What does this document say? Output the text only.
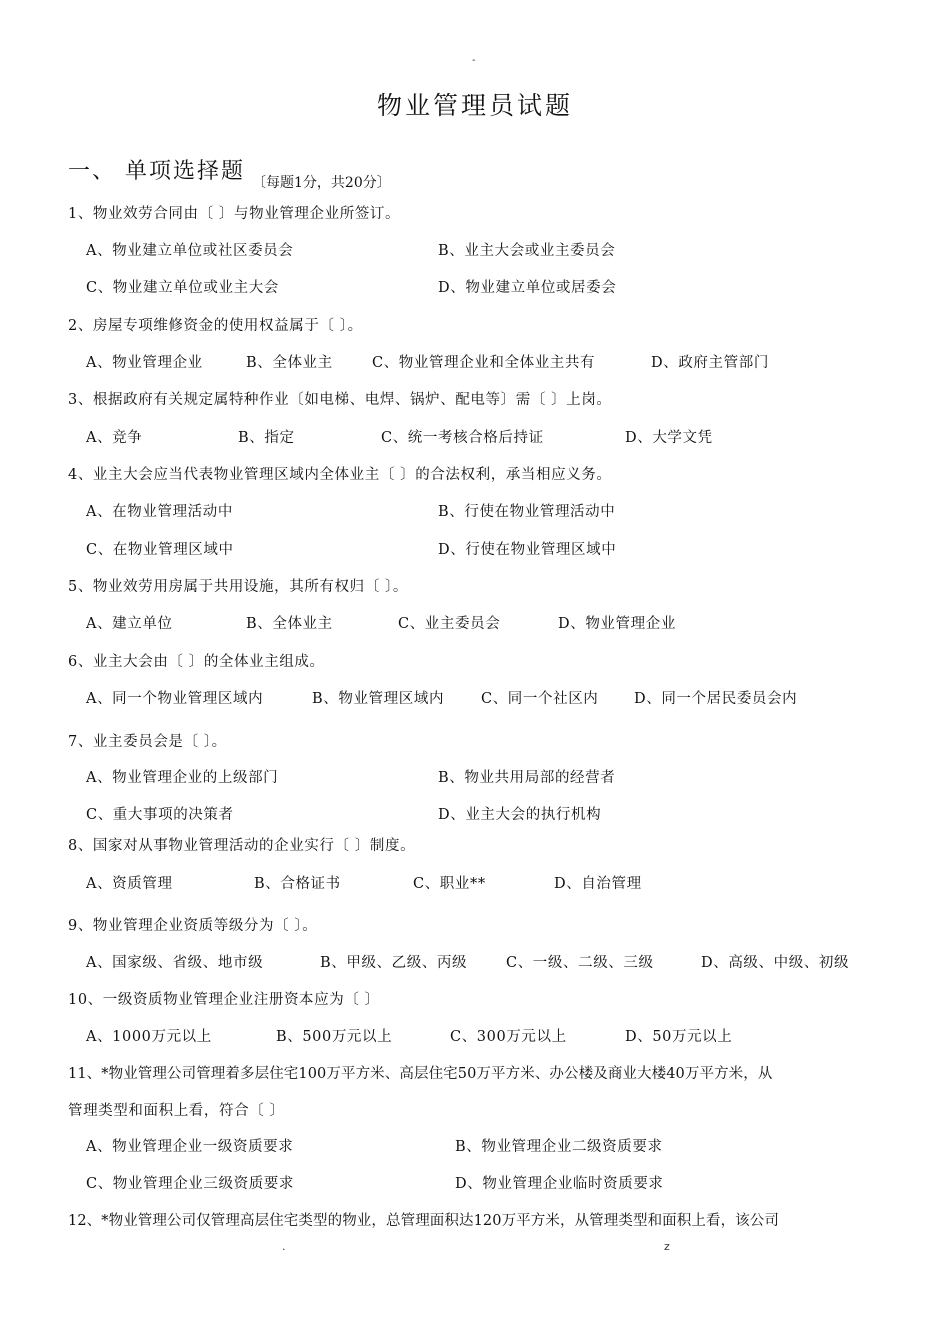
-
物业管理员试题
一、 单项选择题 〔每题1分，共20分〕
1、物业效劳合同由〔 〕与物业管理企业所签订。
A、物业建立单位或社区委员会	B、业主大会或业主委员会
C、物业建立单位或业主大会	D、物业建立单位或居委会
2、房屋专项维修资金的使用权益属于〔 〕。
A、物业管理企业	B、全体业主	C、物业管理企业和全体业主共有	D、政府主管部门
3、根据政府有关规定属特种作业〔如电梯、电焊、锅炉、配电等〕需〔 〕上岗。
A、竞争	B、指定	C、统一考核合格后持证	D、大学文凭
4、业主大会应当代表物业管理区域内全体业主〔 〕的合法权利，承当相应义务。
A、在物业管理活动中	B、行使在物业管理活动中
C、在物业管理区域中	D、行使在物业管理区域中
5、物业效劳用房属于共用设施，其所有权归〔 〕。
A、建立单位	B、全体业主	C、业主委员会	D、物业管理企业
6、业主大会由〔 〕的全体业主组成。
A、同一个物业管理区域内	B、物业管理区域内	C、同一个社区内 D、同一个居民委员会内
7、业主委员会是〔 〕。
A、物业管理企业的上级部门	B、物业共用局部的经营者
C、重大事项的决策者	D、业主大会的执行机构
8、国家对从事物业管理活动的企业实行〔 〕制度。
A、资质管理	B、合格证书	C、职业**	D、自治管理
9、物业管理企业资质等级分为〔 〕。
A、国家级、省级、地市级	B、甲级、乙级、丙级	C、一级、二级、三级	D、高级、中级、初级
10、一级资质物业管理企业注册资本应为〔 〕
A、1000万元以上	B、500万元以上	C、300万元以上	D、50万元以上
11、*物业管理公司管理着多层住宅100万平方米、高层住宅50万平方米、办公楼及商业大楼40万平方米，从
管理类型和面积上看，符合〔 〕
A、物业管理企业一级资质要求	B、物业管理企业二级资质要求
C、物业管理企业三级资质要求	D、物业管理企业临时资质要求
12、*物业管理公司仅管理高层住宅类型的物业，总管理面积达120万平方米，从管理类型和面积上看，该公司
.	z
